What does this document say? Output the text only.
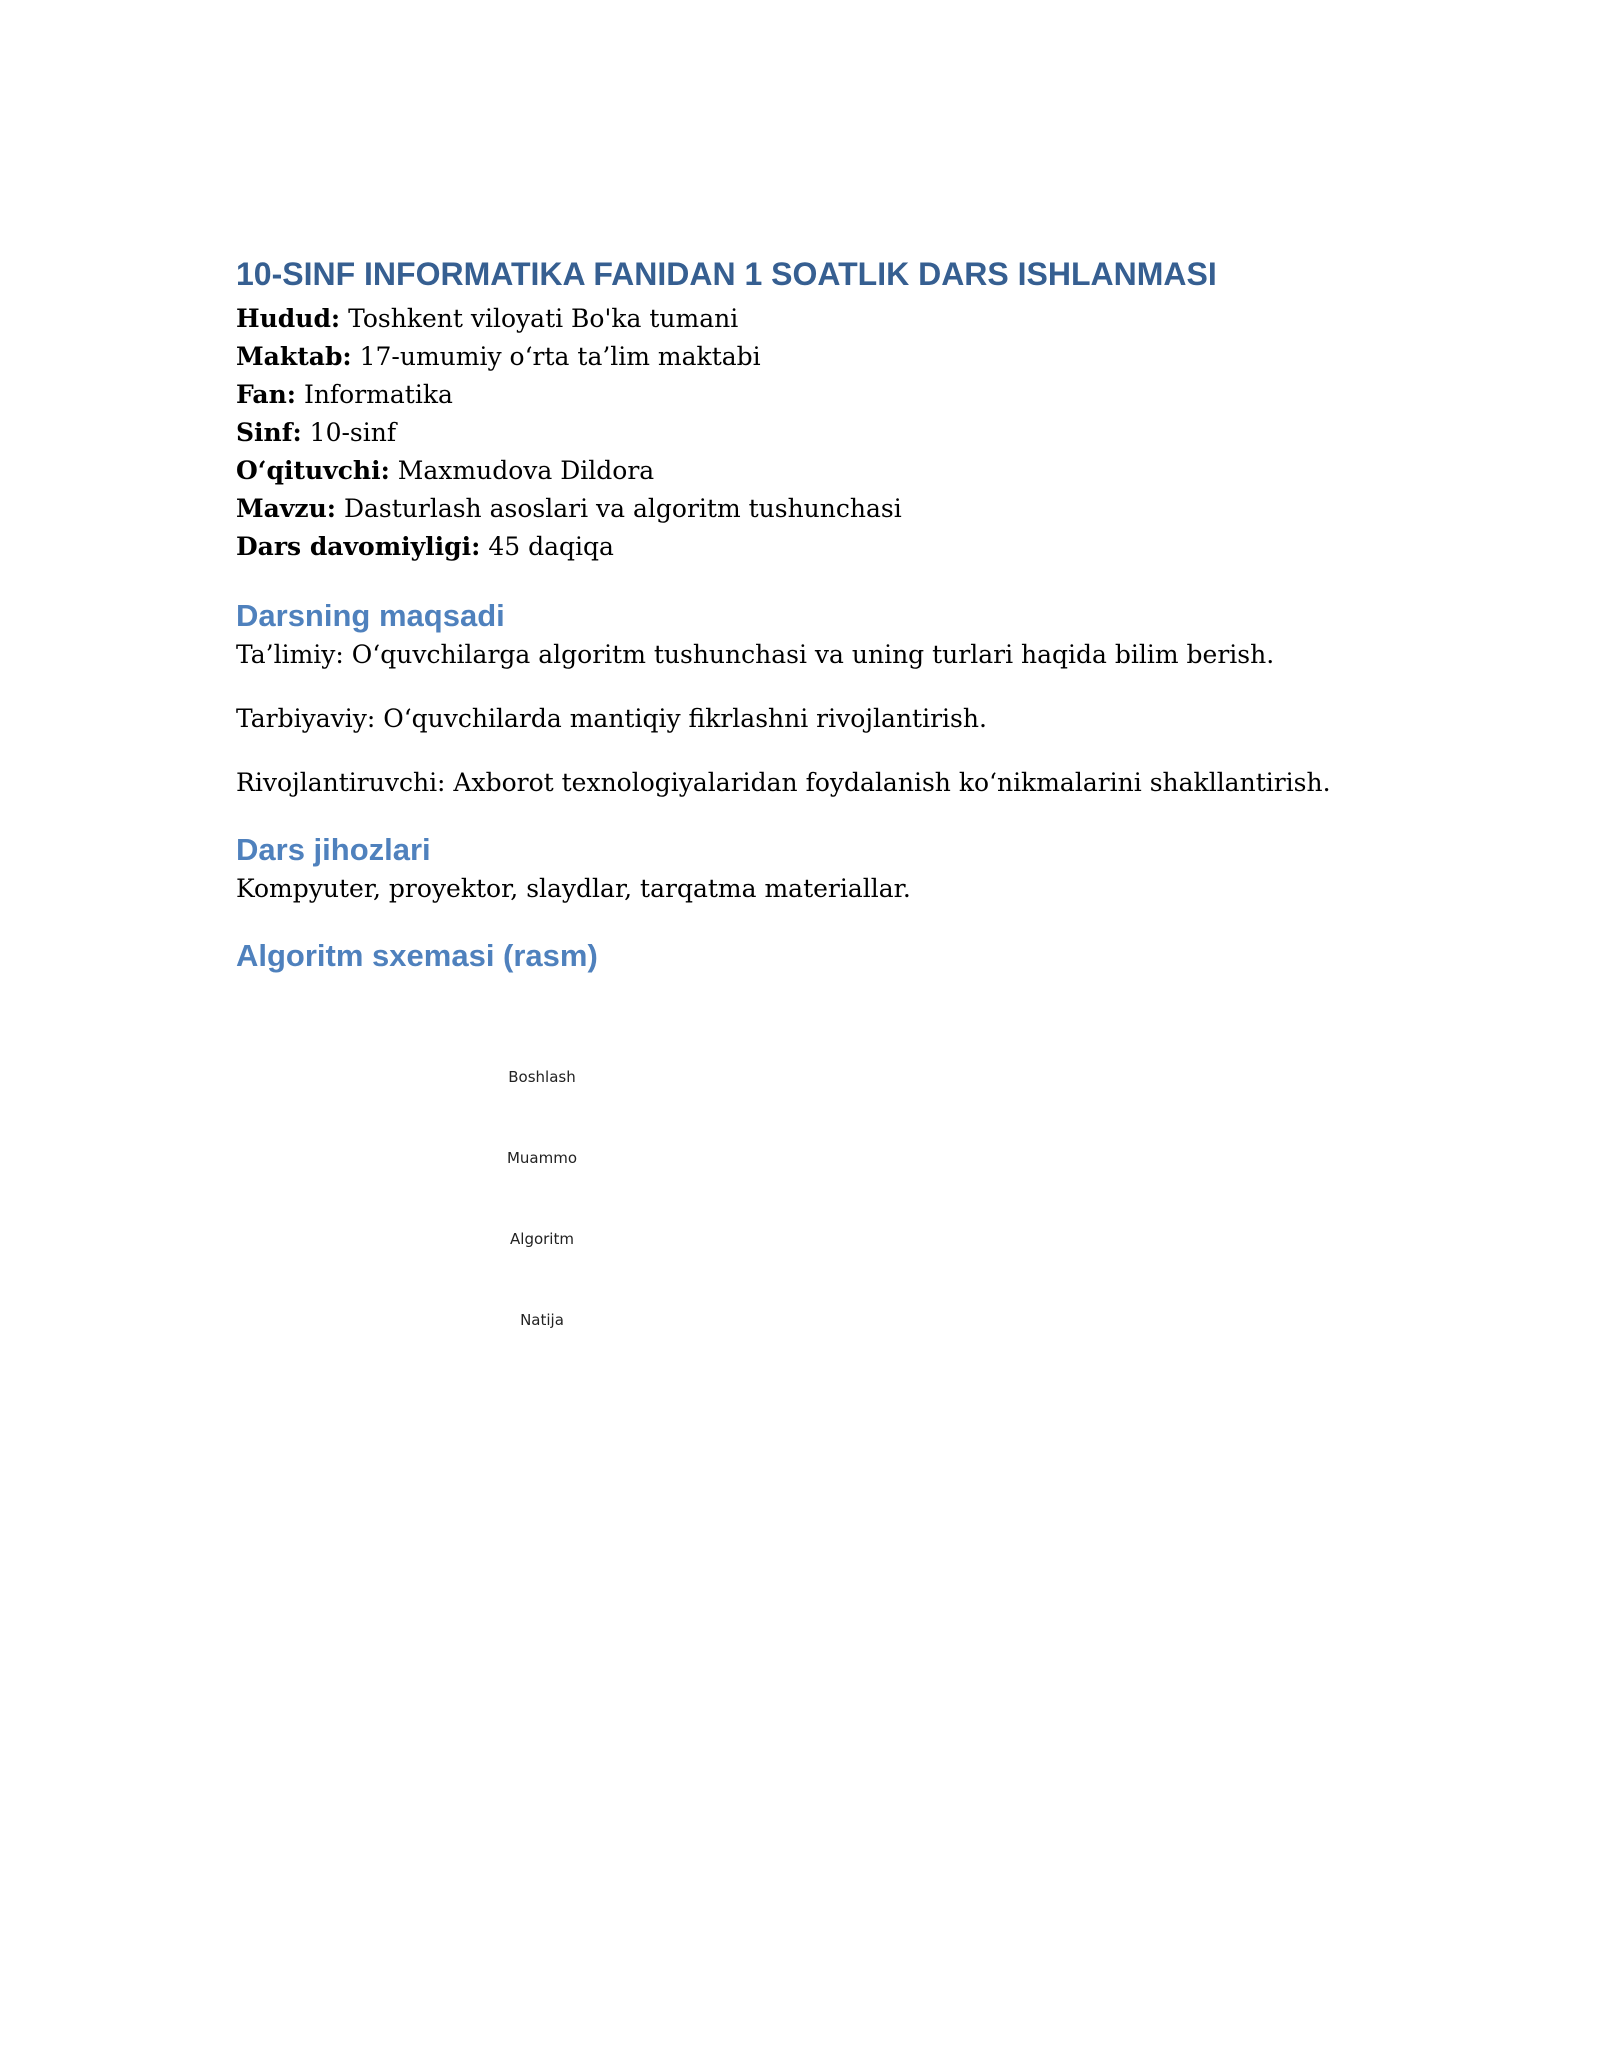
10-SINF INFORMATIKA FANIDAN 1 SOATLIK DARS ISHLANMASI

Hudud: Toshkent viloyati Bo'ka tumani

Maktab: 17-umumiy o‘rta ta’lim maktabi

Fan: Informatika

Sinf: 10-sinf

O‘qituvchi: Maxmudova Dildora

Mavzu: Dasturlash asoslari va algoritm tushunchasi

Dars davomiyligi: 45 daqiqa

Darsning maqsadi

Ta’limiy: O‘quvchilarga algoritm tushunchasi va uning turlari haqida bilim berish.

Tarbiyaviy: O‘quvchilarda mantiqiy fikrlashni rivojlantirish.

Rivojlantiruvchi: Axborot texnologiyalaridan foydalanish ko‘nikmalarini shakllantirish.

Dars jihozlari

Kompyuter, proyektor, slaydlar, tarqatma materiallar.

Algoritm sxemasi (rasm)
Boshlash
Muammo
Algoritm
Natija
